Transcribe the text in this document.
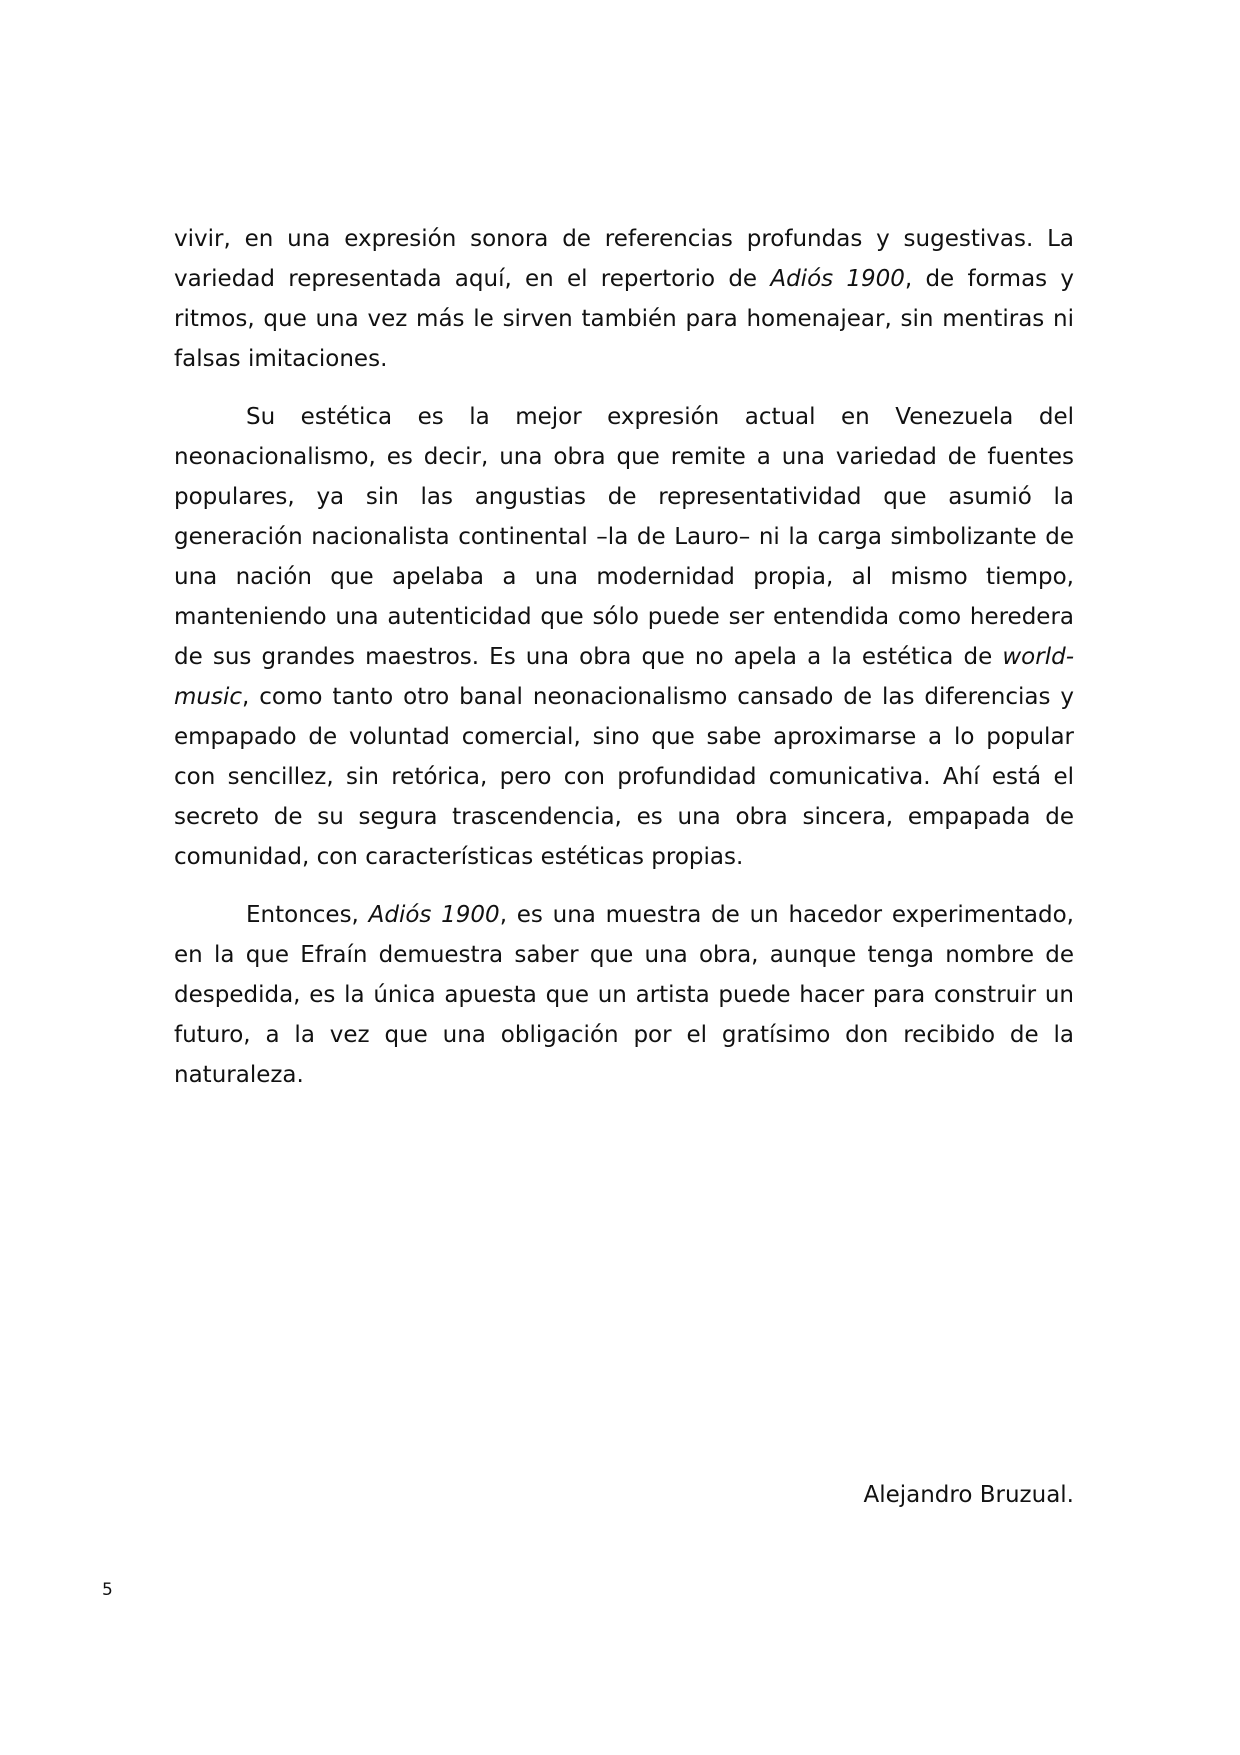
vivir, en una expresión sonora de referencias profundas y sugestivas. La variedad representada aquí, en el repertorio de Adiós 1900, de formas y ritmos, que una vez más le sirven también para homenajear, sin mentiras ni falsas imitaciones.

Su estética es la mejor expresión actual en Venezuela del neonacionalismo, es decir, una obra que remite a una variedad de fuentes populares, ya sin las angustias de representatividad que asumió la generación nacionalista continental –la de Lauro– ni la carga simbolizante de una nación que apelaba a una modernidad propia, al mismo tiempo, manteniendo una autenticidad que sólo puede ser entendida como heredera de sus grandes maestros. Es una obra que no apela a la estética de world-music, como tanto otro banal neonacionalismo cansado de las diferencias y empapado de voluntad comercial, sino que sabe aproximarse a lo popular con sencillez, sin retórica, pero con profundidad comunicativa. Ahí está el secreto de su segura trascendencia, es una obra sincera, empapada de comunidad, con características estéticas propias.

Entonces, Adiós 1900, es una muestra de un hacedor experimentado, en la que Efraín demuestra saber que una obra, aunque tenga nombre de despedida, es la única apuesta que un artista puede hacer para construir un futuro, a la vez que una obligación por el gratísimo don recibido de la naturaleza.

Alejandro Bruzual.
5
